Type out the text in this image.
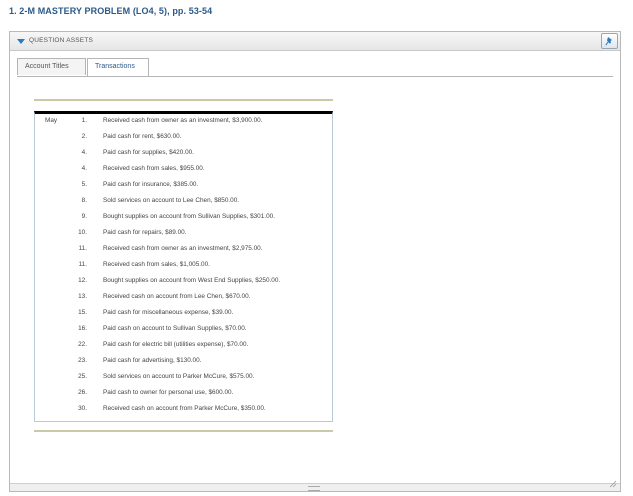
1. 2-M MASTERY PROBLEM (LO4, 5), pp. 53-54
QUESTION ASSETS
Account Titles	Transactions
May	1.	Received cash from owner as an investment, $3,900.00.
2.	Paid cash for rent, $630.00.
4.	Paid cash for supplies, $420.00.
4.	Received cash from sales, $955.00.
5.	Paid cash for insurance, $385.00.
8.	Sold services on account to Lee Chen, $850.00.
9.	Bought supplies on account from Sullivan Supplies, $301.00.
10.	Paid cash for repairs, $89.00.
11.	Received cash from owner as an investment, $2,975.00.
11.	Received cash from sales, $1,005.00.
12.	Bought supplies on account from West End Supplies, $250.00.
13.	Received cash on account from Lee Chen, $670.00.
15.	Paid cash for miscellaneous expense, $39.00.
16.	Paid cash on account to Sullivan Supplies, $70.00.
22.	Paid cash for electric bill (utilities expense), $70.00.
23.	Paid cash for advertising, $130.00.
25.	Sold services on account to Parker McCure, $575.00.
26.	Paid cash to owner for personal use, $600.00.
30.	Received cash on account from Parker McCure, $350.00.
